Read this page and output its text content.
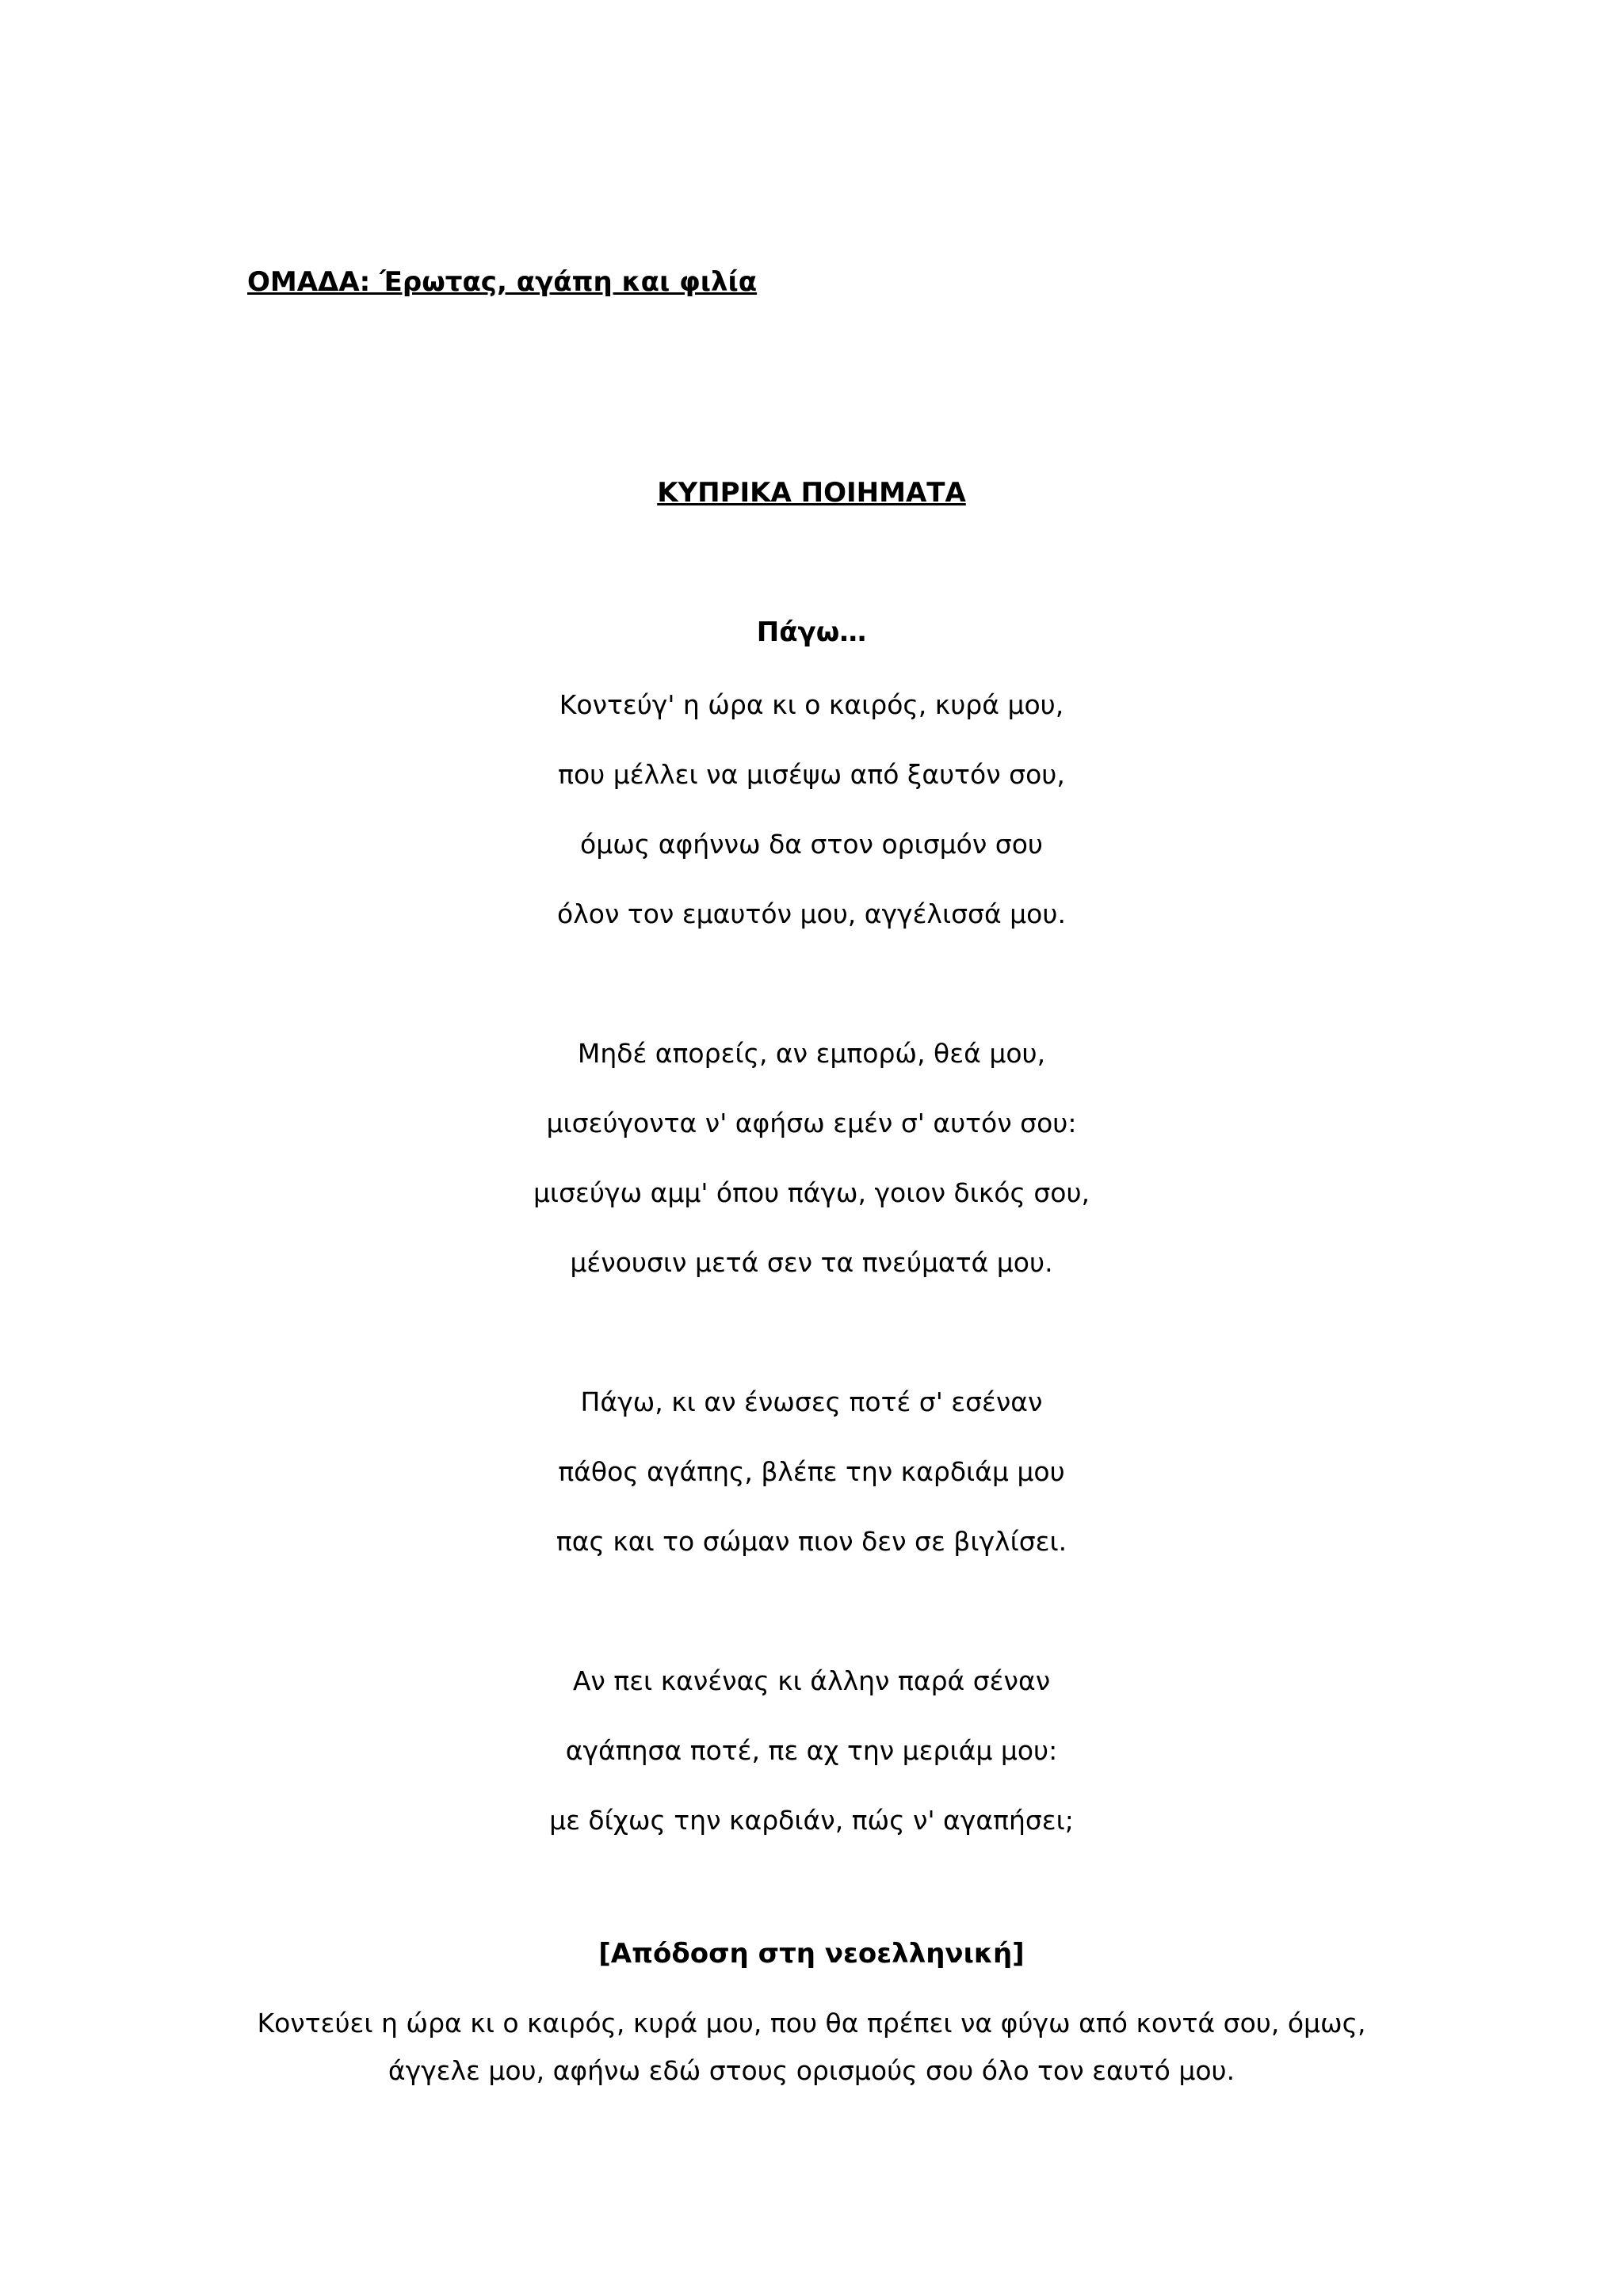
ΟΜΑΔΑ: Έρωτας, αγάπη και φιλία
ΚΥΠΡΙΚΑ ΠΟΙΗΜΑΤΑ
Πάγω…
Κοντεύγ' η ώρα κι ο καιρός, κυρά μου,
που μέλλει να μισέψω από ξαυτόν σου,
όμως αφήννω δα στον ορισμόν σου
όλον τον εμαυτόν μου, αγγέλισσά μου.
Μηδέ απορείς, αν εμπορώ, θεά μου,
μισεύγοντα ν' αφήσω εμέν σ' αυτόν σου:
μισεύγω αμμ' όπου πάγω, γοιον δικός σου,
μένουσιν μετά σεν τα πνεύματά μου.
Πάγω, κι αν ένωσες ποτέ σ' εσέναν
πάθος αγάπης, βλέπε την καρδιάμ μου
πας και το σώμαν πιον δεν σε βιγλίσει.
Αν πει κανένας κι άλλην παρά σέναν
αγάπησα ποτέ, πε αχ την μεριάμ μου:
με δίχως την καρδιάν, πώς ν' αγαπήσει;
[Απόδοση στη νεοελληνική]
Κοντεύει η ώρα κι ο καιρός, κυρά μου, που θα πρέπει να φύγω από κοντά σου, όμως,
άγγελε μου, αφήνω εδώ στους ορισμούς σου όλο τον εαυτό μου.
